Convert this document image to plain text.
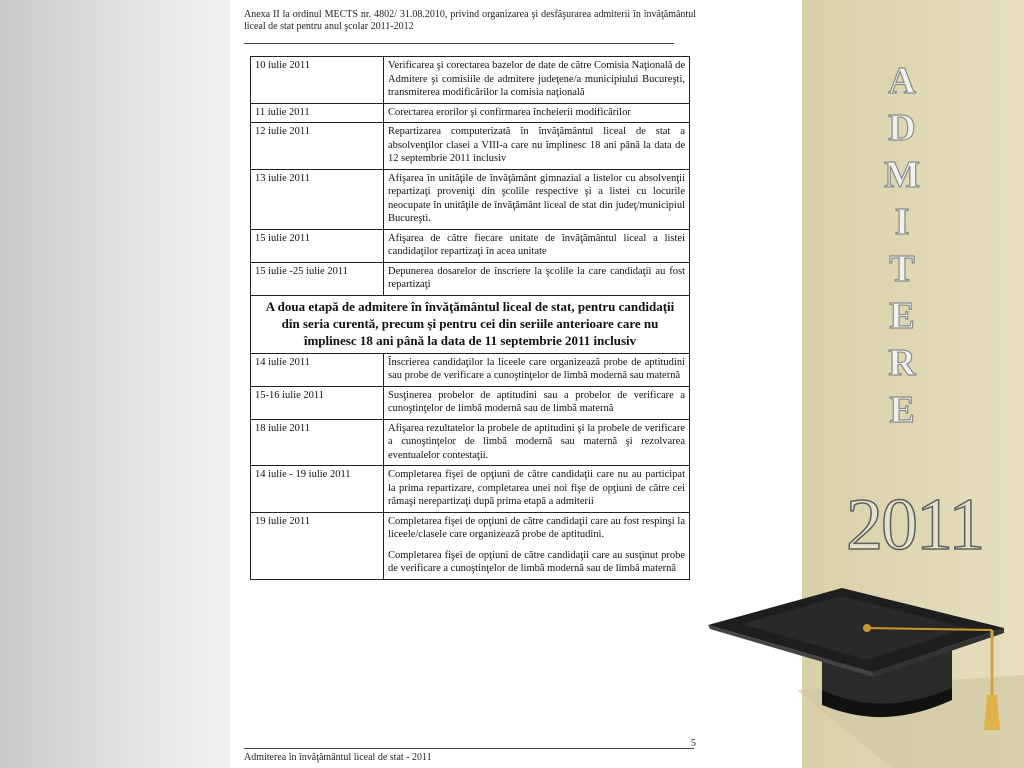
Anexa II la ordinul MECTS nr. 4802/ 31.08.2010, privind organizarea şi desfăşurarea admiterii în învăţământul liceal de stat pentru anul şcolar 2011-2012
10 iulie 2011	Verificarea şi corectarea bazelor de date de către Comisia Naţională de Admitere şi comisiile de admitere judeţene/a municipiului Bucureşti, transmiterea modificărilor la comisia naţională
11 iulie 2011	Corectarea erorilor şi confirmarea încheierii modificărilor
12 iulie 2011	Repartizarea computerizată în învăţământul liceal de stat a absolvenţilor clasei a VIII-a care nu împlinesc 18 ani până la data de 12 septembrie 2011 inclusiv
13 iulie 2011	Afişarea în unităţile de învăţământ gimnazial a listelor cu absolvenţii repartizaţi proveniţi din şcolile respective şi a listei cu locurile neocupate în unităţile de învăţământ liceal de stat din judeţ/municipiul Bucureşti.
15 iulie 2011	Afişarea de către fiecare unitate de învăţământul liceal a listei candidaţilor repartizaţi în acea unitate
15 iulie -25 iulie 2011	Depunerea dosarelor de înscriere la şcolile la care candidaţii au fost repartizaţi
A doua etapă de admitere în învăţământul liceal de stat, pentru candidaţii din seria curentă, precum şi pentru cei din seriile anterioare care nu împlinesc 18 ani până la data de 11 septembrie 2011 inclusiv	
14 iulie 2011	Înscrierea candidaţilor la liceele care organizează probe de aptitudini sau probe de verificare a cunoştinţelor de limbă modernă sau maternă
15-16 iulie 2011	Susţinerea probelor de aptitudini sau a probelor de verificare a cunoştinţelor de limbă modernă sau de limbă maternă
18 iulie 2011	Afişarea rezultatelor la probele de aptitudini şi la probele de verificare a cunoştinţelor de limbă modernă sau maternă şi rezolvarea eventualelor contestaţii.
14 iulie - 19 iulie 2011	Completarea fişei de opţiuni de către candidaţii care nu au participat la prima repartizare, completarea unei noi fişe de opţiuni de către cei rămaşi nerepartizaţi după prima etapă a admiterii
19 iulie 2011	Completarea fişei de opţiuni de către candidaţii care au fost respinşi la liceele/clasele care organizează probe de aptitudini.
Completarea fişei de opţiuni de către candidaţii care au susţinut probe de verificare a cunoştinţelor de limbă modernă sau de limbă maternă
5
Admiterea în învăţământul liceal de stat - 2011
A
D
M
I
T
E
R
E
2011
